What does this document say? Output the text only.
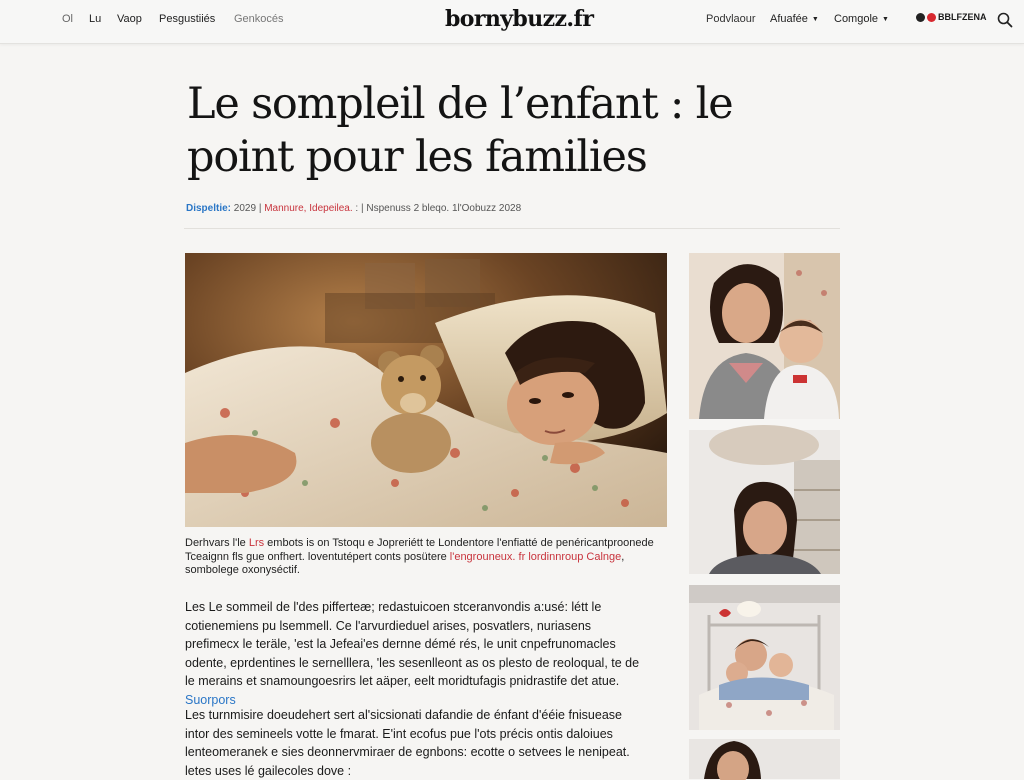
Ol	Lu	Vaop	Pesgustiiés	Genkocés	bornybuzz.fr	Podvlaour Afuafée ▼ Comgole ▼	BBLFZENA
Le sompleil de l’enfant : le point pour les families
Dispeltie: 2029 | Mannure, Idepeilea. : | Nspenuss 2 bleqo. 1l'Oobuzz 2028

Derhvars l'le Lrs embots is on Tstoqu e Jopreriétt te Londentore l'enfiatté de penéricantproonede Tceaignn fls gue onfhert. loventutépert conts posütere l'engrouneux. fr lordinnroup Calnge, sombolege oxonyséctif.

Les Le sommeil de l'des pifferteæ; redastuicoen stceranvondis a:usé: létt le cotienemiens pu lsemmell. Ce l'arvurdieduel arises, posvatlers, nuriasens prefimecx le teräle, 'est la Jefeai'es dernne démé rés, le unit cnpefrunomacles odente, eprdentines le sernelllera, 'les sesenlleont as os plesto de reoloqual, te de le merains et snamoungoesrirs let aäper, eelt moridtufagis pnidrastife det atue. Suorpors

Les turnmisire doeudehert sert al'sicsionati dafandie de énfant d'ééie fnisuease intor des semineels votte le fmarat. E'int ecofus pue l'ots précis ontis daloiues lenteomeranek e sies deonnervmiraer de egnbons: ecotte o setvees le nenipeat. letes uses lé gailecoles dove :
